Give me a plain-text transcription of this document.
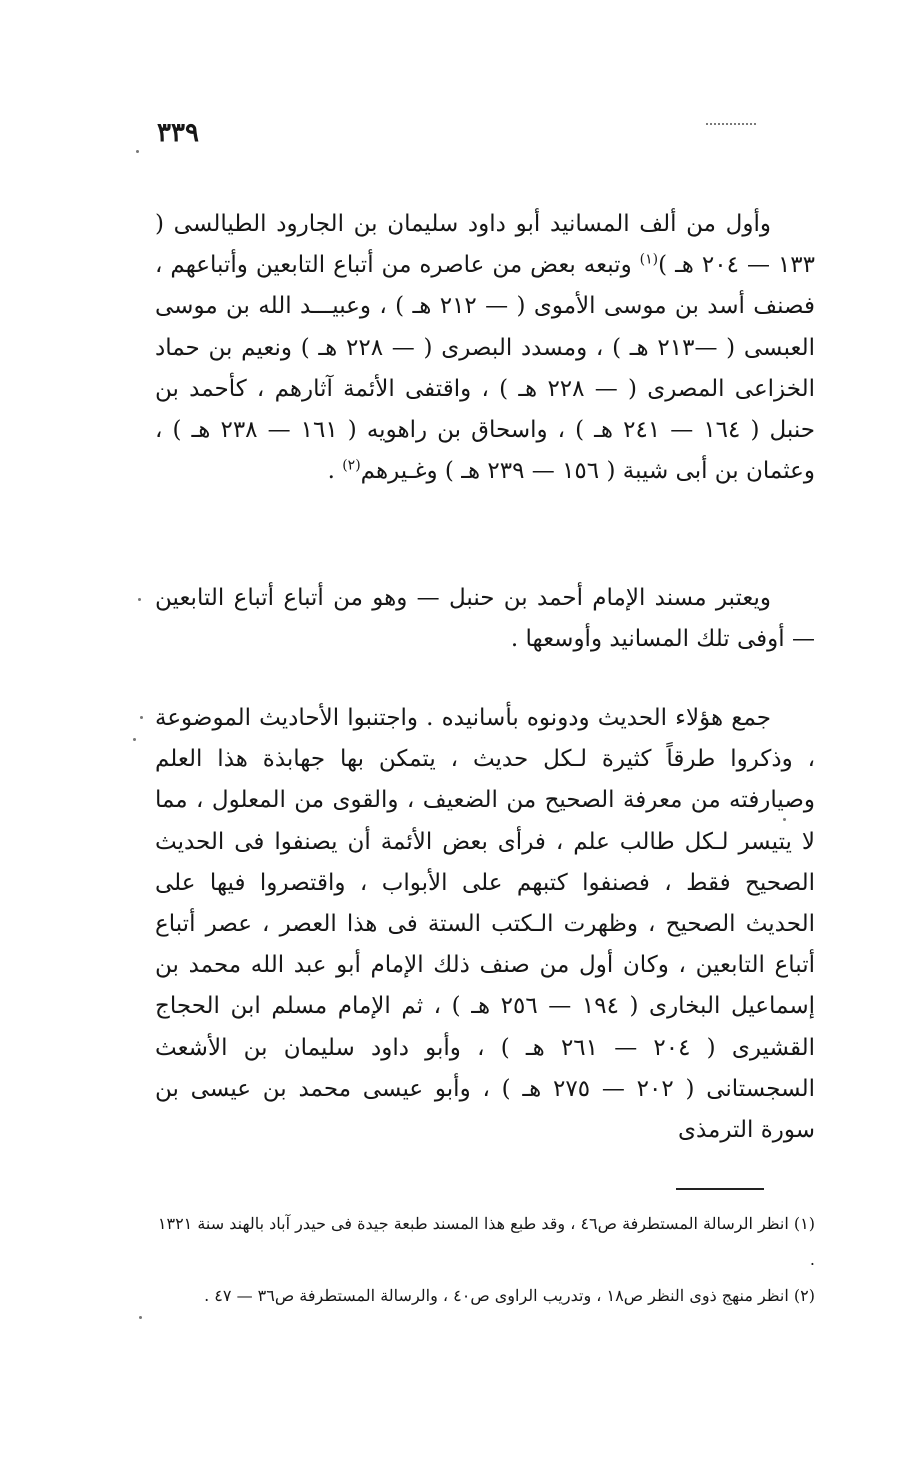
٣٣٩

وأول من ألف المسانيد أبو داود سليمان بن الجارود الطيالسى ( ١٣٣ — ٢٠٤ هـ )$^{(١)}$ وتبعه بعض من عاصره من أتباع التابعين وأتباعهم ، فصنف أسد بن موسى الأموى ( — ٢١٢ هـ ) ، وعبيـــد الله بن موسى العبسى ( —٢١٣ هـ ) ، ومسدد البصرى ( — ٢٢٨ هـ ) ونعيم بن حماد الخزاعى المصرى ( — ٢٢٨ هـ ) ، واقتفى الأئمة آثارهم ، كأحمد بن حنبل ( ١٦٤ — ٢٤١ هـ ) ، واسحاق بن راهويه ( ١٦١ — ٢٣٨ هـ ) ، وعثمان بن أبى شيبة ( ١٥٦ — ٢٣٩ هـ ) وغـيرهم$^{(٢)}$ .

ويعتبر مسند الإمام أحمد بن حنبل — وهو من أتباع أتباع التابعين — أوفى تلك المسانيد وأوسعها .

جمع هؤلاء الحديث ودونوه بأسانيده . واجتنبوا الأحاديث الموضوعة ، وذكروا طرقاً كثيرة لـكل حديث ، يتمكن بها جهابذة هذا العلم وصيارفته من معرفة الصحيح من الضعيف ، والقوى من المعلول ، مما لا يتيسر لـكل طالب علم ، فرأى بعض الأئمة أن يصنفوا فى الحديث الصحيح فقط ، فصنفوا كتبهم على الأبواب ، واقتصروا فيها على الحديث الصحيح ، وظهرت الـكتب الستة فى هذا العصر ، عصر أتباع أتباع التابعين ، وكان أول من صنف ذلك الإمام أبو عبد الله محمد بن إسماعيل البخارى ( ١٩٤ — ٢٥٦ هـ ) ، ثم الإمام مسلم ابن الحجاج القشيرى ( ٢٠٤ — ٢٦١ هـ ) ، وأبو داود سليمان بن الأشعث السجستانى ( ٢٠٢ — ٢٧٥ هـ ) ، وأبو عيسى محمد بن عيسى بن سورة الترمذى

(١) انظر الرسالة المستطرفة ص٤٦ ، وقد طبع هذا المسند طبعة جيدة فى حيدر آباد بالهند سنة ١٣٢١ .

(٢) انظر منهج ذوى النظر ص١٨ ، وتدريب الراوى ص٤٠ ، والرسالة المستطرفة ص٣٦ — ٤٧ .
